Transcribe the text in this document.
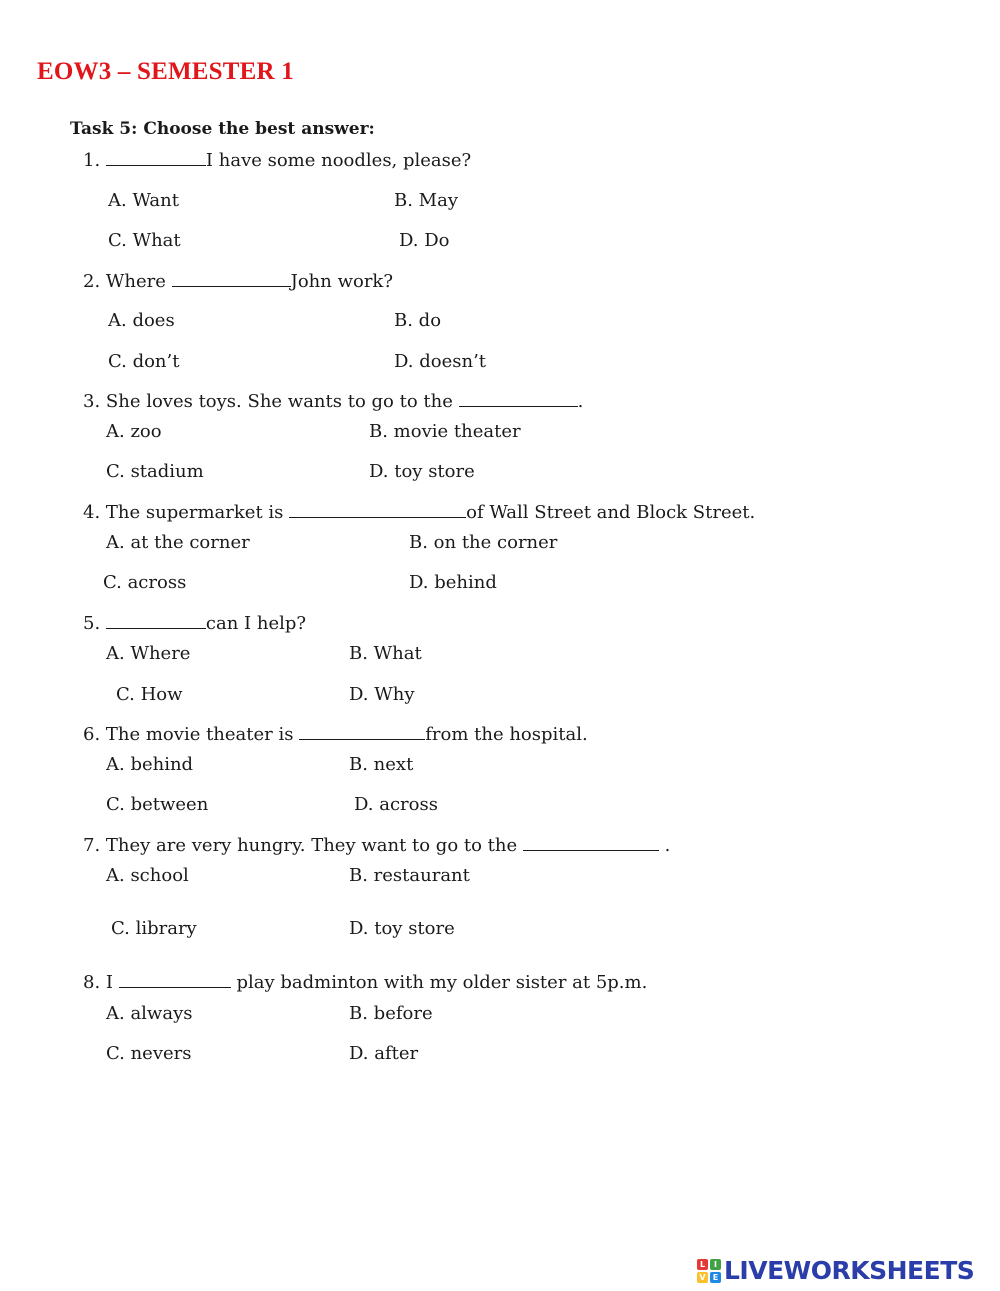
EOW3 – SEMESTER 1
Task 5: Choose the best answer:
1.	I have some noodles, please?
A. Want	B. May
C. What	D. Do
2. Where	John work?
A. does	B. do
C. don’t	D. doesn’t
3. She loves toys. She wants to go to the	.
A. zoo	B. movie theater
C. stadium	D. toy store
4. The supermarket is	of Wall Street and Block Street.
A. at the corner	B. on the corner
C. across	D. behind
5.	can I help?
A. Where	B. What
C. How	D. Why
6. The movie theater is	from the hospital.
A. behind	B. next
C. between	D. across
7. They are very hungry. They want to go to the	.
A. school	B. restaurant
C. library	D. toy store
8. I	play badminton with my older sister at 5p.m.
A. always	B. before
C. nevers	D. after
L	I
V E LIVEWORKSHEETS
